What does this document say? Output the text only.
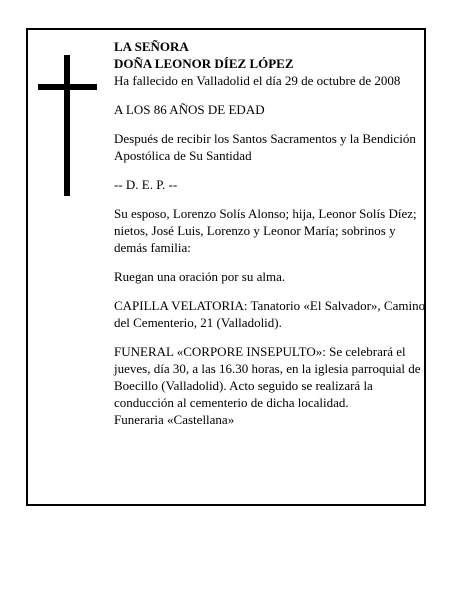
LA SEÑORA

DOÑA LEONOR DÍEZ LÓPEZ

Ha fallecido en Valladolid el día 29 de octubre de 2008

A LOS 86 AÑOS DE EDAD

Después de recibir los Santos Sacramentos y la Bendición Apostólica de Su Santidad

-- D. E. P. --

Su esposo, Lorenzo Solís Alonso; hija, Leonor Solís Díez; nietos, José Luis, Lorenzo y Leonor María; sobrinos y demás familia:

Ruegan una oración por su alma.

CAPILLA VELATORIA: Tanatorio «El Salvador», Camino del Cementerio, 21 (Valladolid).

FUNERAL «CORPORE INSEPULTO»: Se celebrará el jueves, día 30, a las 16.30 horas, en la iglesia parroquial de Boecillo (Valladolid). Acto seguido se realizará la conducción al cementerio de dicha localidad.

Funeraria «Castellana»
